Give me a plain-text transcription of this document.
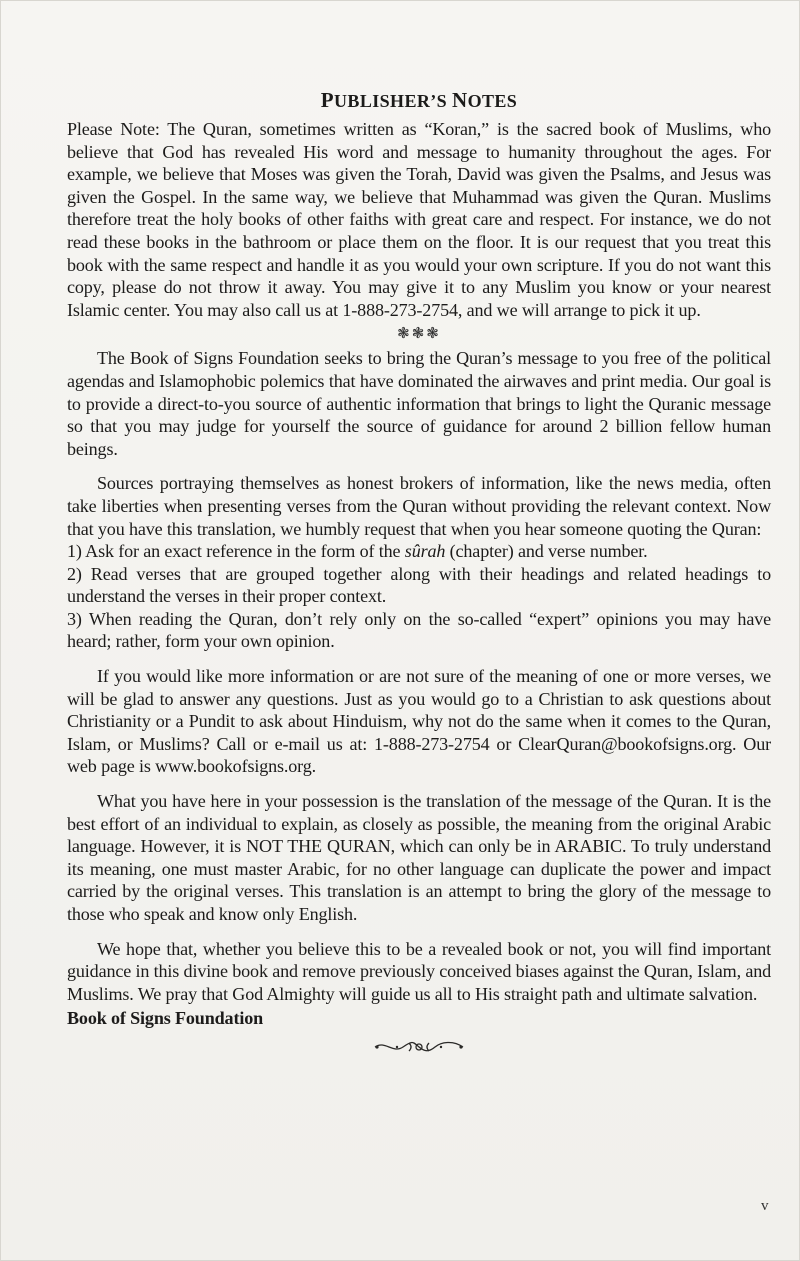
PUBLISHER’S NOTES

Please Note: The Quran, sometimes written as “Koran,” is the sacred book of Muslims, who believe that God has revealed His word and message to humanity throughout the ages. For example, we believe that Moses was given the Torah, David was given the Psalms, and Jesus was given the Gospel. In the same way, we believe that Muhammad was given the Quran. Muslims therefore treat the holy books of other faiths with great care and respect. For instance, we do not read these books in the bathroom or place them on the floor. It is our request that you treat this book with the same respect and handle it as you would your own scripture. If you do not want this copy, please do not throw it away. You may give it to any Muslim you know or your nearest Islamic center. You may also call us at 1-888-273-2754, and we will arrange to pick it up.

❃❃❃

The Book of Signs Foundation seeks to bring the Quran’s message to you free of the political agendas and Islamophobic polemics that have dominated the airwaves and print media. Our goal is to provide a direct-to-you source of authentic information that brings to light the Quranic message so that you may judge for yourself the source of guidance for around 2 billion fellow human beings.

Sources portraying themselves as honest brokers of information, like the news media, often take liberties when presenting verses from the Quran without providing the relevant context. Now that you have this translation, we humbly request that when you hear someone quoting the Quran:

1) Ask for an exact reference in the form of the sûrah (chapter) and verse number.

2) Read verses that are grouped together along with their headings and related headings to understand the verses in their proper context.

3) When reading the Quran, don’t rely only on the so-called “expert” opinions you may have heard; rather, form your own opinion.

If you would like more information or are not sure of the meaning of one or more verses, we will be glad to answer any questions. Just as you would go to a Christian to ask questions about Christianity or a Pundit to ask about Hinduism, why not do the same when it comes to the Quran, Islam, or Muslims? Call or e-mail us at: 1-888-273-2754 or ClearQuran@bookofsigns.org. Our web page is www.bookofsigns.org.

What you have here in your possession is the translation of the message of the Quran. It is the best effort of an individual to explain, as closely as possible, the meaning from the original Arabic language. However, it is NOT THE QURAN, which can only be in ARABIC. To truly understand its meaning, one must master Arabic, for no other language can duplicate the power and impact carried by the original verses. This translation is an attempt to bring the glory of the message to those who speak and know only English.

We hope that, whether you believe this to be a revealed book or not, you will find important guidance in this divine book and remove previously conceived biases against the Quran, Islam, and Muslims. We pray that God Almighty will guide us all to His straight path and ultimate salvation.

Book of Signs Foundation
v
